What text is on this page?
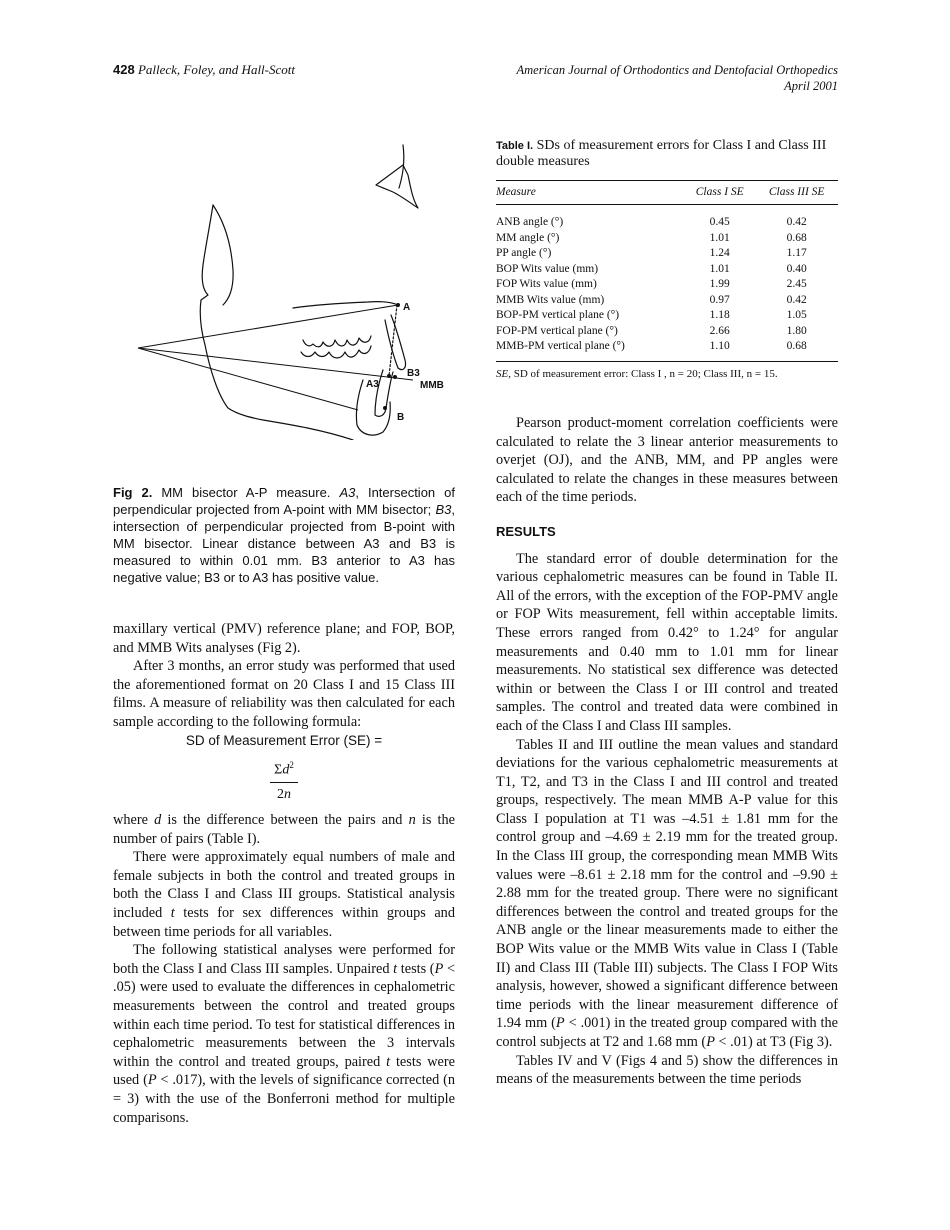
428 Palleck, Foley, and Hall-Scott	American Journal of Orthodontics and Dentofacial Orthopedics
April 2001
A
B3
A3	MMB
B
Fig 2. MM bisector A-P measure. A3, Intersection of perpendicular projected from A-point with MM bisector; B3, intersection of perpendicular projected from B-point with MM bisector. Linear distance between A3 and B3 is measured to within 0.01 mm. B3 anterior to A3 has negative value; B3 or to A3 has positive value.
Table I. SDs of measurement errors for Class I and Class III double measures
Measure	Class I SE	Class III SE
ANB angle (°)	0.45	0.42
MM angle (°)	1.01	0.68
PP angle (°)	1.24	1.17
BOP Wits value (mm)	1.01	0.40
FOP Wits value (mm)	1.99	2.45
MMB Wits value (mm)	0.97	0.42
BOP-PM vertical plane (°)	1.18	1.05
FOP-PM vertical plane (°)	2.66	1.80
MMB-PM vertical plane (°)	1.10	0.68
SE, SD of measurement error: Class I , n = 20; Class III, n = 15.

maxillary vertical (PMV) reference plane; and FOP, BOP, and MMB Wits analyses (Fig 2).

After 3 months, an error study was performed that used the aforementioned format on 20 Class I and 15 Class III films. A measure of reliability was then calculated for each sample according to the following formula:

SD of Measurement Error (SE) =

$\Sigma d^2$
2n

where d is the difference between the pairs and n is the number of pairs (Table I).

There were approximately equal numbers of male and female subjects in both the control and treated groups in both the Class I and Class III groups. Statistical analysis included t tests for sex differences within groups and between time periods for all variables.

The following statistical analyses were performed for both the Class I and Class III samples. Unpaired t tests (P < .05) were used to evaluate the differences in cephalometric measurements between the control and treated groups within each time period. To test for statistical differences in cephalometric measurements between the 3 intervals within the control and treated groups, paired t tests were used (P < .017), with the levels of significance corrected (n = 3) with the use of the Bonferroni method for multiple comparisons.

Pearson product-moment correlation coefficients were calculated to relate the 3 linear anterior measurements to overjet (OJ), and the ANB, MM, and PP angles were calculated to relate the changes in these measures between each of the time periods.

RESULTS

The standard error of double determination for the various cephalometric measures can be found in Table II. All of the errors, with the exception of the FOP-PMV angle or FOP Wits measurement, fell within acceptable limits. These errors ranged from 0.42° to 1.24° for angular measurements and 0.40 mm to 1.01 mm for linear measurements. No statistical sex difference was detected within or between the Class I or III control and treated samples. The control and treated data were combined in each of the Class I and Class III samples.

Tables II and III outline the mean values and standard deviations for the various cephalometric measurements at T1, T2, and T3 in the Class I and III control and treated groups, respectively. The mean MMB A-P value for this Class I population at T1 was –4.51 ± 1.81 mm for the control group and –4.69 ± 2.19 mm for the treated group. In the Class III group, the corresponding mean MMB Wits values were –8.61 ± 2.18 mm for the control and –9.90 ± 2.88 mm for the treated group. There were no significant differences between the control and treated groups for the ANB angle or the linear measurements made to either the BOP Wits value or the MMB Wits value in Class I (Table II) and Class III (Table III) subjects. The Class I FOP Wits analysis, however, showed a significant difference between time periods with the linear measurement difference of 1.94 mm (P < .001) in the treated group compared with the control subjects at T2 and 1.68 mm (P < .01) at T3 (Fig 3).

Tables IV and V (Figs 4 and 5) show the differences in means of the measurements between the time periods
